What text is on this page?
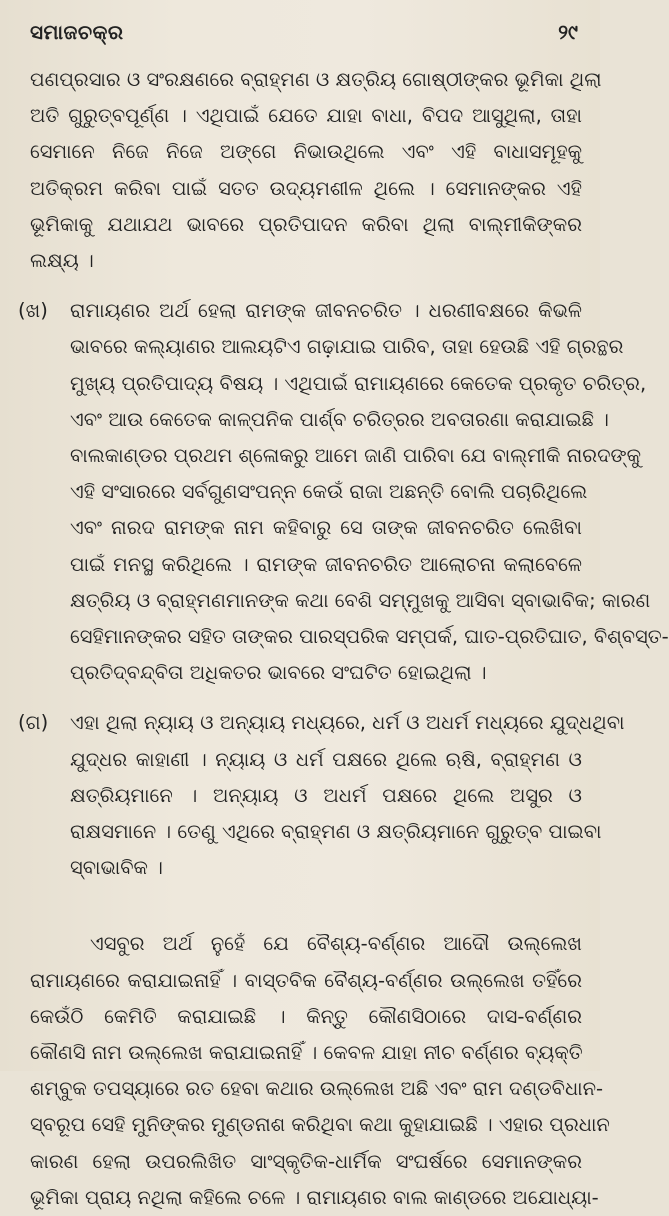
ସମାଜଚକ୍ର	୨୯
ପଣପ୍ରସାର ଓ ସଂରକ୍ଷଣରେ ବ୍ରାହ୍ମଣ ଓ କ୍ଷତ୍ରିୟ ଗୋଷ୍ଠୀଙ୍କର ଭୂମିକା ଥିଲା
ଅତି ଗୁରୁତ୍ବପୂର୍ଣ୍ଣ । ଏଥିପାଇଁ ଯେତେ ଯାହା ବାଧା, ବିପଦ ଆସୁଥିଲା, ତାହା
ସେମାନେ ନିଜେ ନିଜେ ଅଙ୍ଗେ ନିଭାଉଥିଲେ ଏବଂ ଏହି ବାଧାସମୂହକୁ
ଅତିକ୍ରମ କରିବା ପାଇଁ ସତତ ଉଦ୍ୟମଶୀଳ ଥିଲେ । ସେମାନଙ୍କର ଏହି
ଭୂମିକାକୁ ଯଥାଯଥ ଭାବରେ ପ୍ରତିପାଦନ କରିବା ଥିଲା ବାଲ୍ମୀକିଙ୍କର
ଲକ୍ଷ୍ୟ ।
(ଖ)	ରାମାୟଣର ଅର୍ଥ ହେଲା ରାମଙ୍କ ଜୀବନଚରିତ । ଧରଣୀବକ୍ଷରେ କିଭଳି
ଭାବରେ କଲ୍ୟାଣର ଆଲୟଟିଏ ଗଢ଼ାଯାଇ ପାରିବ, ତାହା ହେଉଛି ଏହି ଗ୍ରନ୍ଥର
ମୁଖ୍ୟ ପ୍ରତିପାଦ୍ୟ ବିଷୟ । ଏଥିପାଇଁ ରାମାୟଣରେ କେତେକ ପ୍ରକୃତ ଚରିତ୍ର,
ଏବଂ ଆଉ କେତେକ କାଳ୍ପନିକ ପାର୍ଶ୍ବ ଚରିତ୍ରର ଅବତାରଣା କରାଯାଇଛି ।
ବାଲକାଣ୍ଡର ପ୍ରଥମ ଶ୍ଳୋକରୁ ଆମେ ଜାଣି ପାରିବା ଯେ ବାଲ୍ମୀକି ନାରଦଙ୍କୁ
ଏହି ସଂସାରରେ ସର୍ବଗୁଣସଂପନ୍ନ କେଉଁ ରାଜା ଅଛନ୍ତି ବୋଲି ପଚାରିଥିଲେ
ଏବଂ ନାରଦ ରାମଙ୍କ ନାମ କହିବାରୁ ସେ ତାଙ୍କ ଜୀବନଚରିତ ଲେଖିବା
ପାଇଁ ମନସ୍ଥ କରିଥିଲେ । ରାମଙ୍କ ଜୀବନଚରିତ ଆଲୋଚନା କଲାବେଳେ
କ୍ଷତ୍ରିୟ ଓ ବ୍ରାହ୍ମଣମାନଙ୍କ କଥା ବେଶି ସମ୍ମୁଖକୁ ଆସିବା ସ୍ବାଭାବିକ; କାରଣ
ସେହିମାନଙ୍କର ସହିତ ତାଙ୍କର ପାରସ୍ପରିକ ସମ୍ପର୍କ, ଘାତ-ପ୍ରତିଘାତ, ବିଶ୍ବସ୍ତ-
ପ୍ରତିଦ୍ବନ୍ଦ୍ବିତା ଅଧିକତର ଭାବରେ ସଂଘଟିତ ହୋଇଥିଲା ।
(ଗ)	ଏହା ଥିଲା ନ୍ୟାୟ ଓ ଅନ୍ୟାୟ ମଧ୍ୟରେ, ଧର୍ମ ଓ ଅଧର୍ମ ମଧ୍ୟରେ ଯୁଦ୍ଧଥିବା
ଯୁଦ୍ଧର କାହାଣୀ । ନ୍ୟାୟ ଓ ଧର୍ମ ପକ୍ଷରେ ଥିଲେ ଋଷି, ବ୍ରାହ୍ମଣ ଓ
କ୍ଷତ୍ରିୟମାନେ । ଅନ୍ୟାୟ ଓ ଅଧର୍ମ ପକ୍ଷରେ ଥିଲେ ଅସୁର ଓ
ରାକ୍ଷସମାନେ । ତେଣୁ ଏଥିରେ ବ୍ରାହ୍ମଣ ଓ କ୍ଷତ୍ରିୟମାନେ ଗୁରୁତ୍ବ ପାଇବା
ସ୍ବାଭାବିକ ।
ଏସବୁର ଅର୍ଥ ନୁହେଁ ଯେ ବୈଶ୍ୟ-ବର୍ଣ୍ଣର ଆଦୌ ଉଲ୍ଲେଖ
ରାମାୟଣରେ କରାଯାଇନାହିଁ । ବାସ୍ତବିକ ବୈଶ୍ୟ-ବର୍ଣ୍ଣର ଉଲ୍ଲେଖ ତହିଁରେ
କେଉଁଠି କେମିତି କରାଯାଇଛି । କିନ୍ତୁ କୌଣସିଠାରେ ଦାସ-ବର୍ଣ୍ଣର
କୌଣସି ନାମ ଉଲ୍ଲେଖ କରାଯାଇନାହିଁ । କେବଳ ଯାହା ନୀଚ ବର୍ଣ୍ଣର ବ୍ୟକ୍ତି
ଶମ୍ବୁକ ତପସ୍ୟାରେ ରତ ହେବା କଥାର ଉଲ୍ଲେଖ ଅଛି ଏବଂ ରାମ ଦଣ୍ଡବିଧାନ-
ସ୍ବରୂପ ସେହି ମୁନିଙ୍କର ମୁଣ୍ଡନାଶ କରିଥିବା କଥା କୁହାଯାଇଛି । ଏହାର ପ୍ରଧାନ
କାରଣ ହେଲା ଉପରଲିଖିତ ସାଂସ୍କୃତିକ-ଧାର୍ମିକ ସଂଘର୍ଷରେ ସେମାନଙ୍କର
ଭୂମିକା ପ୍ରାୟ ନଥିଲା କହିଲେ ଚଳେ । ରାମାୟଣର ବାଲ କାଣ୍ଡରେ ଅଯୋଧ୍ୟା-
